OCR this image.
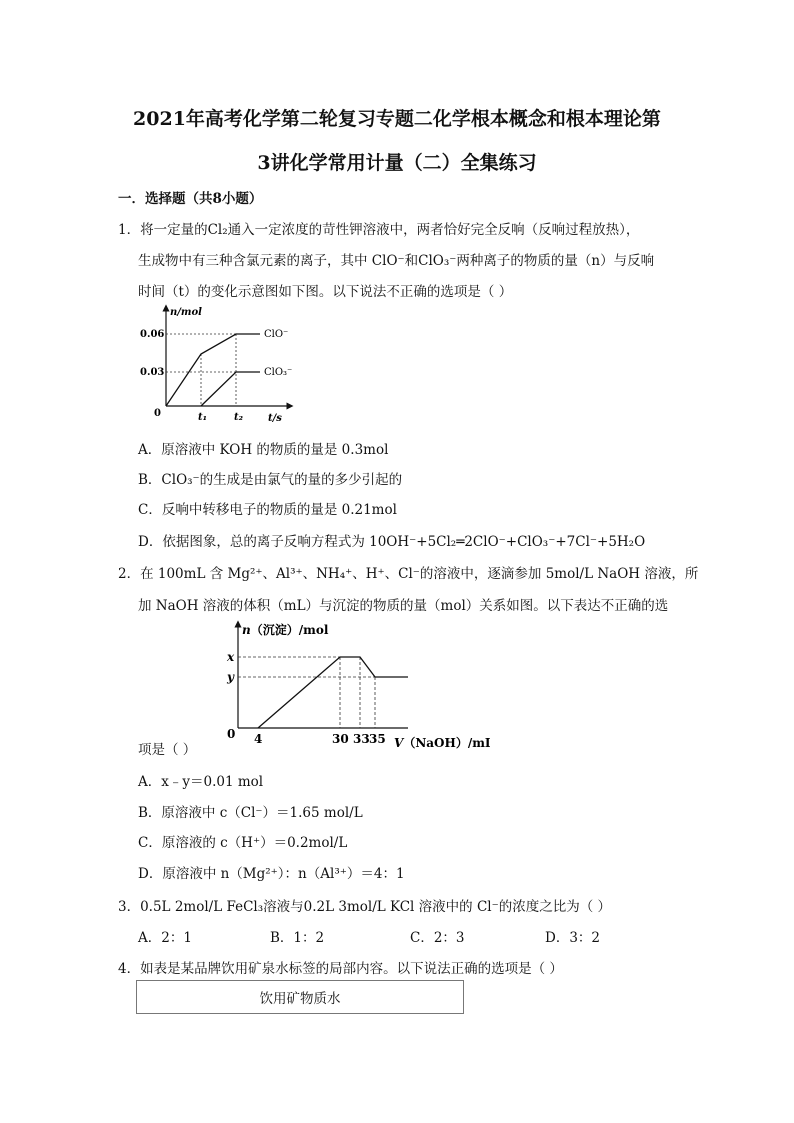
2021年高考化学第二轮复习专题二化学根本概念和根本理论第
3讲化学常用计量（二）全集练习
一．选择题（共8小题）
1．将一定量的Cl₂通入一定浓度的苛性钾溶液中，两者恰好完全反响（反响过程放热），
生成物中有三种含氯元素的离子，其中 ClO⁻和ClO₃⁻两种离子的物质的量（n）与反响
时间（t）的变化示意图如下图。以下说法不正确的选项是（ ）
n/mol
t/s
0
0.06
0.03
t₁	t₂
ClO⁻
ClO₃⁻
A．原溶液中 KOH 的物质的量是 0.3mol
B．ClO₃⁻的生成是由氯气的量的多少引起的
C．反响中转移电子的物质的量是 0.21mol
D．依据图象，总的离子反响方程式为 10OH⁻+5Cl₂═2ClO⁻+ClO₃⁻+7Cl⁻+5H₂O
2．在 100mL 含 Mg²⁺、Al³⁺、NH₄⁺、H⁺、Cl⁻的溶液中，逐滴参加 5mol/L NaOH 溶液，所
加 NaOH 溶液的体积（mL）与沉淀的物质的量（mol）关系如图。以下表达不正确的选
n（沉淀）/mol
0
x
y
4	30 33 35 V（NaOH）/mL
项是（ ）
A．x﹣y＝0.01 mol
B．原溶液中 c（Cl⁻）＝1.65 mol/L
C．原溶液的 c（H⁺）＝0.2mol/L
D．原溶液中 n（Mg²⁺）：n（Al³⁺）＝4：1
3．0.5L 2mol/L FeCl₃溶液与0.2L 3mol/L KCl 溶液中的 Cl⁻的浓度之比为（ ）
A．2：1	B．1：2	C．2：3	D．3：2
4．如表是某品牌饮用矿泉水标签的局部内容。以下说法正确的选项是（ ）
饮用矿物质水
